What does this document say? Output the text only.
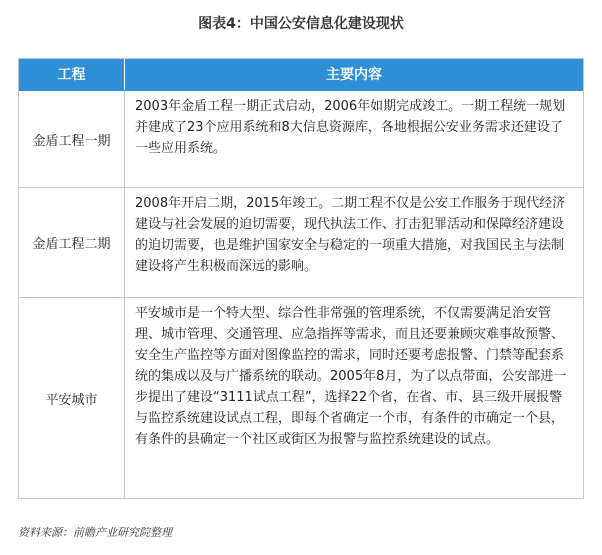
图表4：中国公安信息化建设现状
工程	主要内容
金盾工程一期
2003年金盾工程一期正式启动，2006年如期完成竣工。一期工程统一规划并建成了23个应用系统和8大信息资源库，各地根据公安业务需求还建设了一些应用系统。
金盾工程二期
2008年开启二期，2015年竣工。二期工程不仅是公安工作服务于现代经济建设与社会发展的迫切需要，现代执法工作、打击犯罪活动和保障经济建设的迫切需要，也是维护国家安全与稳定的一项重大措施，对我国民主与法制建设将产生积极而深远的影响。
平安城市
平安城市是一个特大型、综合性非常强的管理系统，不仅需要满足治安管理、城市管理、交通管理、应急指挥等需求，而且还要兼顾灾难事故预警、安全生产监控等方面对图像监控的需求，同时还要考虑报警、门禁等配套系统的集成以及与广播系统的联动。2005年8月，为了以点带面，公安部进一步提出了建设“3111试点工程”，选择22个省，在省、市、县三级开展报警与监控系统建设试点工程，即每个省确定一个市，有条件的市确定一个县，有条件的县确定一个社区或街区为报警与监控系统建设的试点。
资料来源：前瞻产业研究院整理
